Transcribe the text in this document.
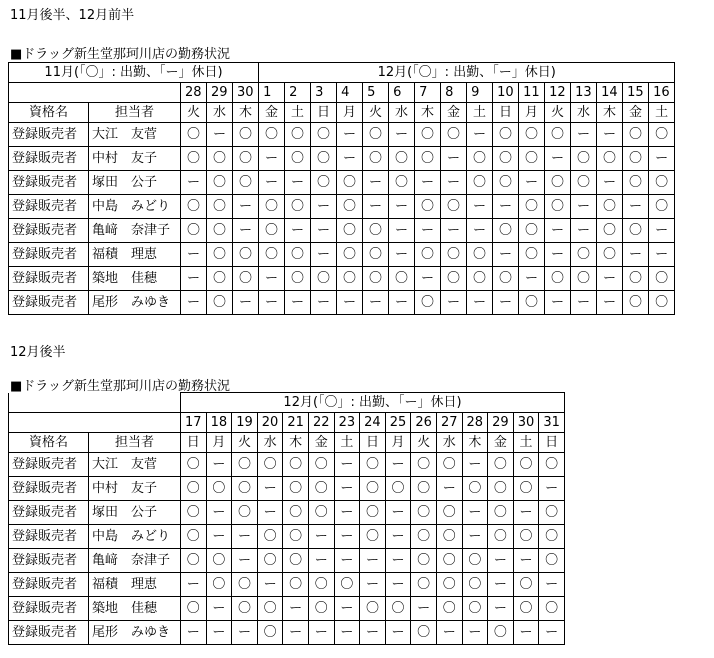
11月後半、12月前半
■ドラッグ新生堂那珂川店の勤務状況
11月(「〇」: 出勤、「ー」休日)					12月(「〇」: 出勤、「ー」休日)															
		28	29	30	1	2	3	4	5	6	7	8	9	10	11	12	13	14	15	16
資格名	担当者	火	水	木	金	土	日	月	火	水	木	金	土	日	月	火	水	木	金	土
登録販売者	大江　友菅	〇	ー	〇	〇	〇	〇	ー	〇	ー	〇	〇	ー	〇	〇	〇	ー	ー	〇	〇
登録販売者	中村　友子	〇	〇	〇	ー	〇	〇	ー	〇	〇	〇	ー	〇	〇	〇	ー	〇	〇	〇	ー
登録販売者	塚田　公子	ー	〇	〇	ー	ー	〇	〇	ー	〇	ー	ー	〇	〇	ー	〇	〇	ー	〇	〇
登録販売者	中島　みどり	〇	〇	ー	〇	〇	ー	〇	ー	ー	〇	〇	ー	ー	〇	〇	ー	〇	ー	〇
登録販売者	亀﨑　奈津子	〇	〇	ー	〇	ー	ー	〇	〇	ー	ー	ー	ー	〇	〇	ー	ー	〇	〇	ー
登録販売者	福積　理恵	ー	〇	〇	〇	〇	ー	〇	〇	ー	〇	〇	〇	ー	〇	ー	〇	〇	ー	ー
登録販売者	築地　佳穂	ー	〇	〇	ー	〇	〇	〇	〇	〇	ー	〇	〇	〇	ー	〇	〇	ー	〇	〇
登録販売者	尾形　みゆき	ー	〇	ー	ー	ー	ー	ー	ー	ー	〇	ー	ー	ー	〇	ー	ー	ー	〇	〇
12月後半
■ドラッグ新生堂那珂川店の勤務状況
		12月(「〇」: 出勤、「ー」休日)														
		17	18	19	20	21	22	23	24	25	26	27	28	29	30	31
資格名	担当者	日	月	火	水	木	金	土	日	月	火	水	木	金	土	日
登録販売者	大江　友菅	〇	ー	〇	〇	〇	〇	ー	〇	ー	〇	〇	ー	〇	〇	〇
登録販売者	中村　友子	〇	〇	〇	ー	〇	〇	ー	〇	〇	〇	ー	〇	〇	〇	ー
登録販売者	塚田　公子	〇	ー	〇	ー	〇	〇	ー	〇	ー	〇	〇	ー	〇	ー	〇
登録販売者	中島　みどり	〇	ー	ー	〇	〇	ー	ー	〇	ー	〇	〇	ー	〇	〇	〇
登録販売者	亀﨑　奈津子	〇	〇	ー	〇	〇	ー	ー	ー	ー	〇	〇	〇	ー	ー	〇
登録販売者	福積　理恵	ー	〇	〇	ー	〇	〇	〇	ー	ー	〇	〇	〇	ー	〇	ー
登録販売者	築地　佳穂	〇	ー	〇	〇	ー	〇	ー	〇	〇	ー	〇	〇	ー	〇	〇
登録販売者	尾形　みゆき	ー	ー	ー	〇	ー	ー	ー	ー	ー	〇	ー	ー	〇	ー	ー
